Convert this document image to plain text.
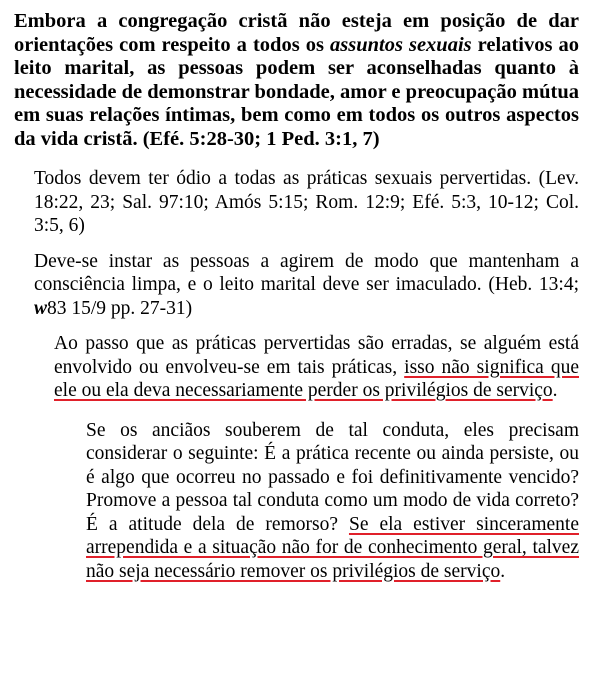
Embora a congregação cristã não esteja em posição de dar orientações com respeito a todos os assuntos sexuais relativos ao leito marital, as pessoas podem ser aconselhadas quanto à necessidade de demonstrar bondade, amor e preocupação mútua em suas relações íntimas, bem como em todos os outros aspectos da vida cristã. (Efé. 5:28-30; 1 Ped. 3:1, 7)

Todos devem ter ódio a todas as práticas sexuais pervertidas. (Lev. 18:22, 23; Sal. 97:10; Amós 5:15; Rom. 12:9; Efé. 5:3, 10-12; Col. 3:5, 6)

Deve-se instar as pessoas a agirem de modo que mantenham a consciência limpa, e o leito marital deve ser imaculado. (Heb. 13:4; w83 15/9 pp. 27-31)

Ao passo que as práticas pervertidas são erradas, se alguém está envolvido ou envolveu-se em tais práticas, isso não significa que ele ou ela deva necessariamente perder os privilégios de serviço.

Se os anciãos souberem de tal conduta, eles precisam considerar o seguinte: É a prática recente ou ainda persiste, ou é algo que ocorreu no passado e foi definitivamente vencido? Promove a pessoa tal conduta como um modo de vida correto? É a atitude dela de remorso? Se ela estiver sinceramente arrependida e a situação não for de conhecimento geral, talvez não seja necessário remover os privilégios de serviço.
